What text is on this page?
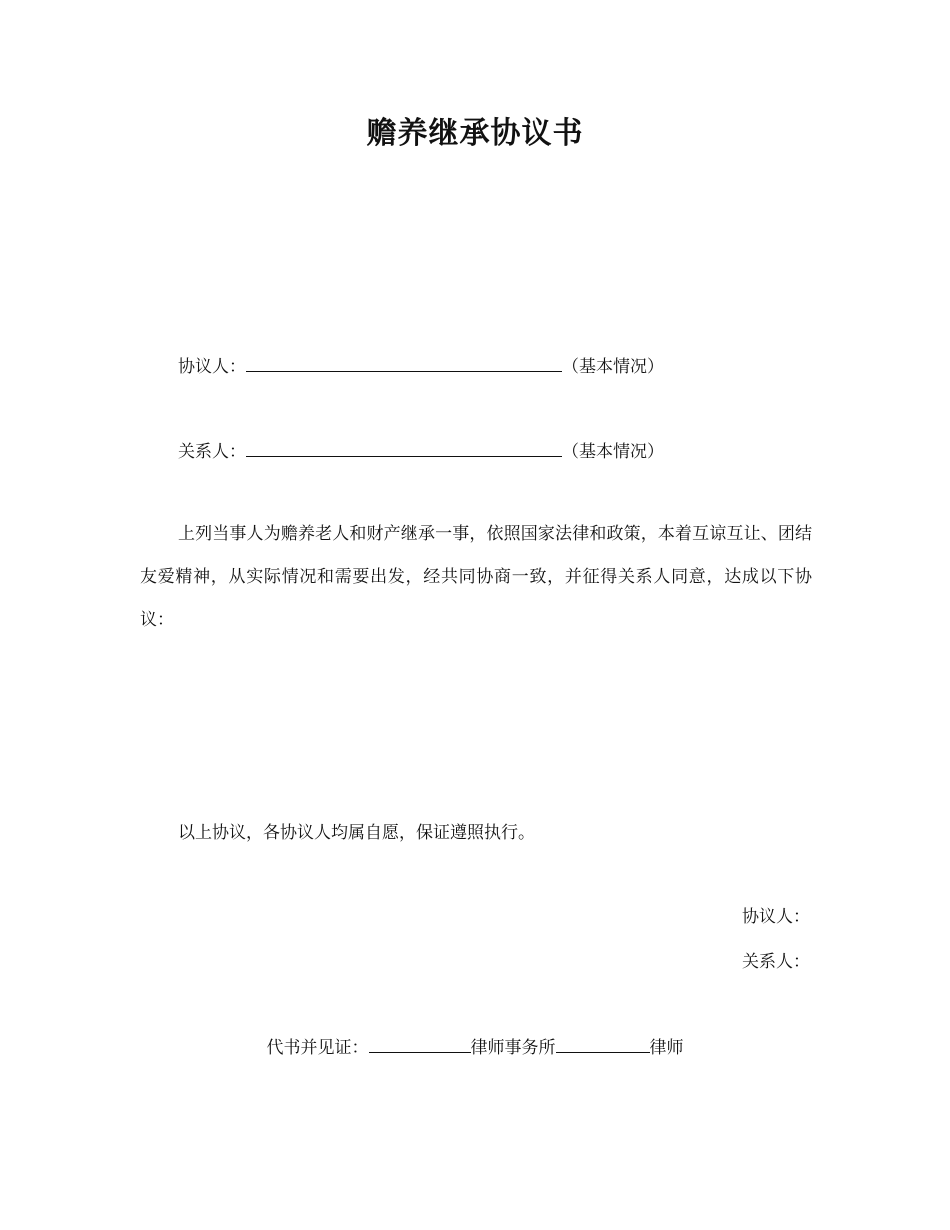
赡养继承协议书
协议人：	（基本情况）
关系人：	（基本情况）
上列当事人为赡养老人和财产继承一事，依照国家法律和政策，本着互谅互让、团结友爱精神，从实际情况和需要出发，经共同协商一致，并征得关系人同意，达成以下协议：
以上协议，各协议人均属自愿，保证遵照执行。
协议人：
关系人：
代书并见证：	律师事务所	律师
